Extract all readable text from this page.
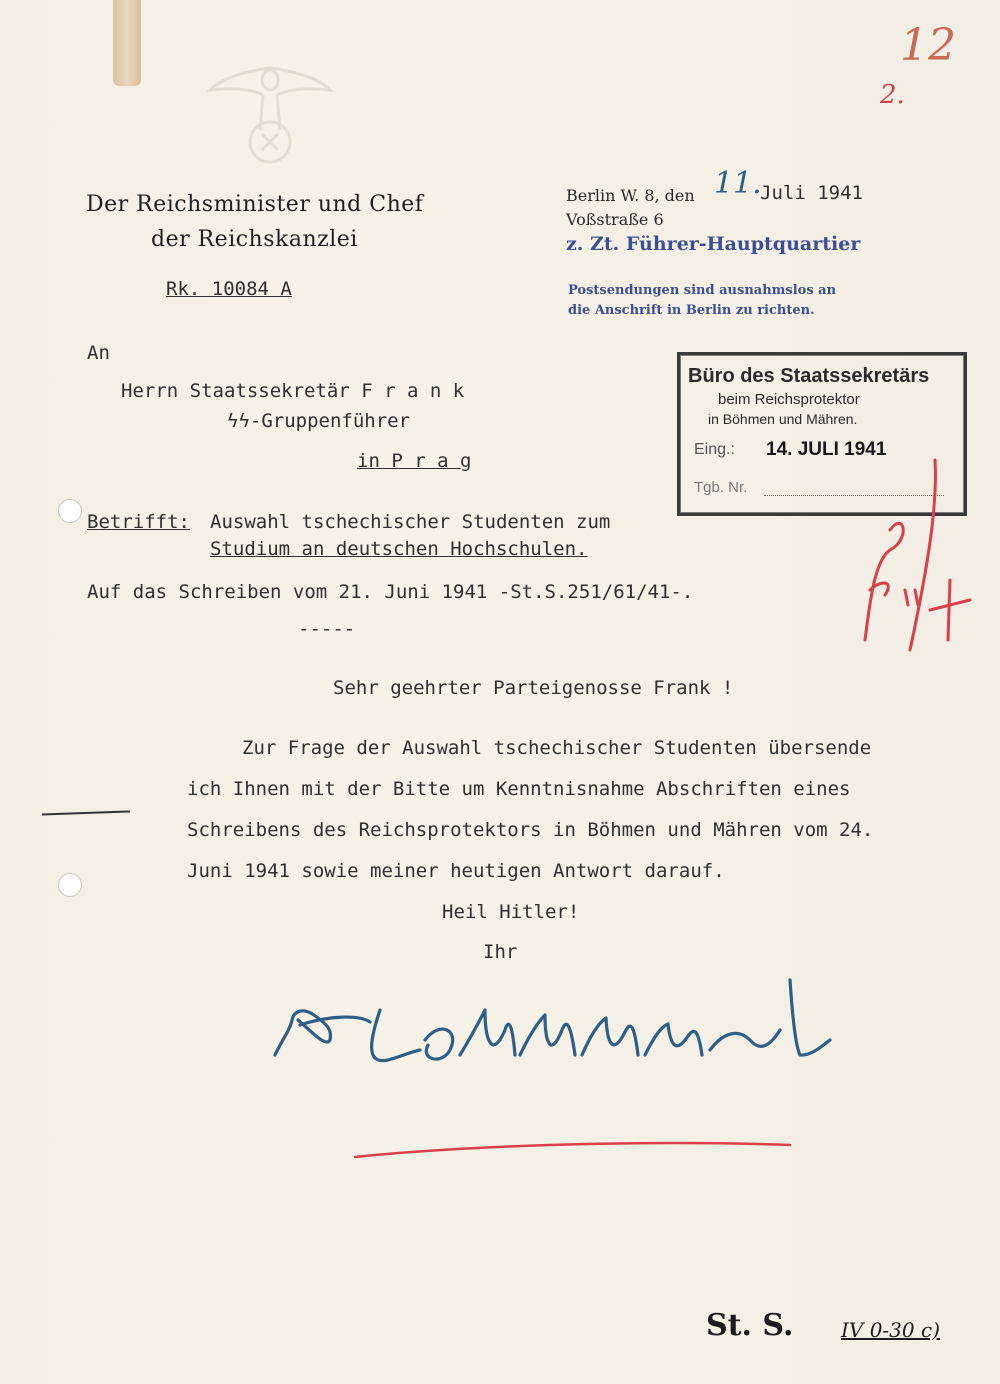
12
2.
Der Reichsminister und Chef
der Reichskanzlei
Rk. 10084 A
Berlin W. 8, den 11.
Juli 1941
Voßstraße 6
z. Zt. Führer-Hauptquartier
Postsendungen sind ausnahmslos an
die Anschrift in Berlin zu richten.
An
Herrn Staatssekretär F r a n k
ϟϟ-Gruppenführer
in P r a g
Büro des Staatssekretärs
beim Reichsprotektor
in Böhmen und Mähren.
Eing.: 14. JULI 1941
Tgb. Nr.
Betrifft: Auswahl tschechischer Studenten zum
Studium an deutschen Hochschulen.
Auf das Schreiben vom 21. Juni 1941 -St.S.251/61/41-.
-----
Sehr geehrter Parteigenosse Frank !
Zur Frage der Auswahl tschechischer Studenten übersende
ich Ihnen mit der Bitte um Kenntnisnahme Abschriften eines
Schreibens des Reichsprotektors in Böhmen und Mähren vom 24.
Juni 1941 sowie meiner heutigen Antwort darauf.
Heil Hitler!
Ihr
St. S. IV 0-30 c)
